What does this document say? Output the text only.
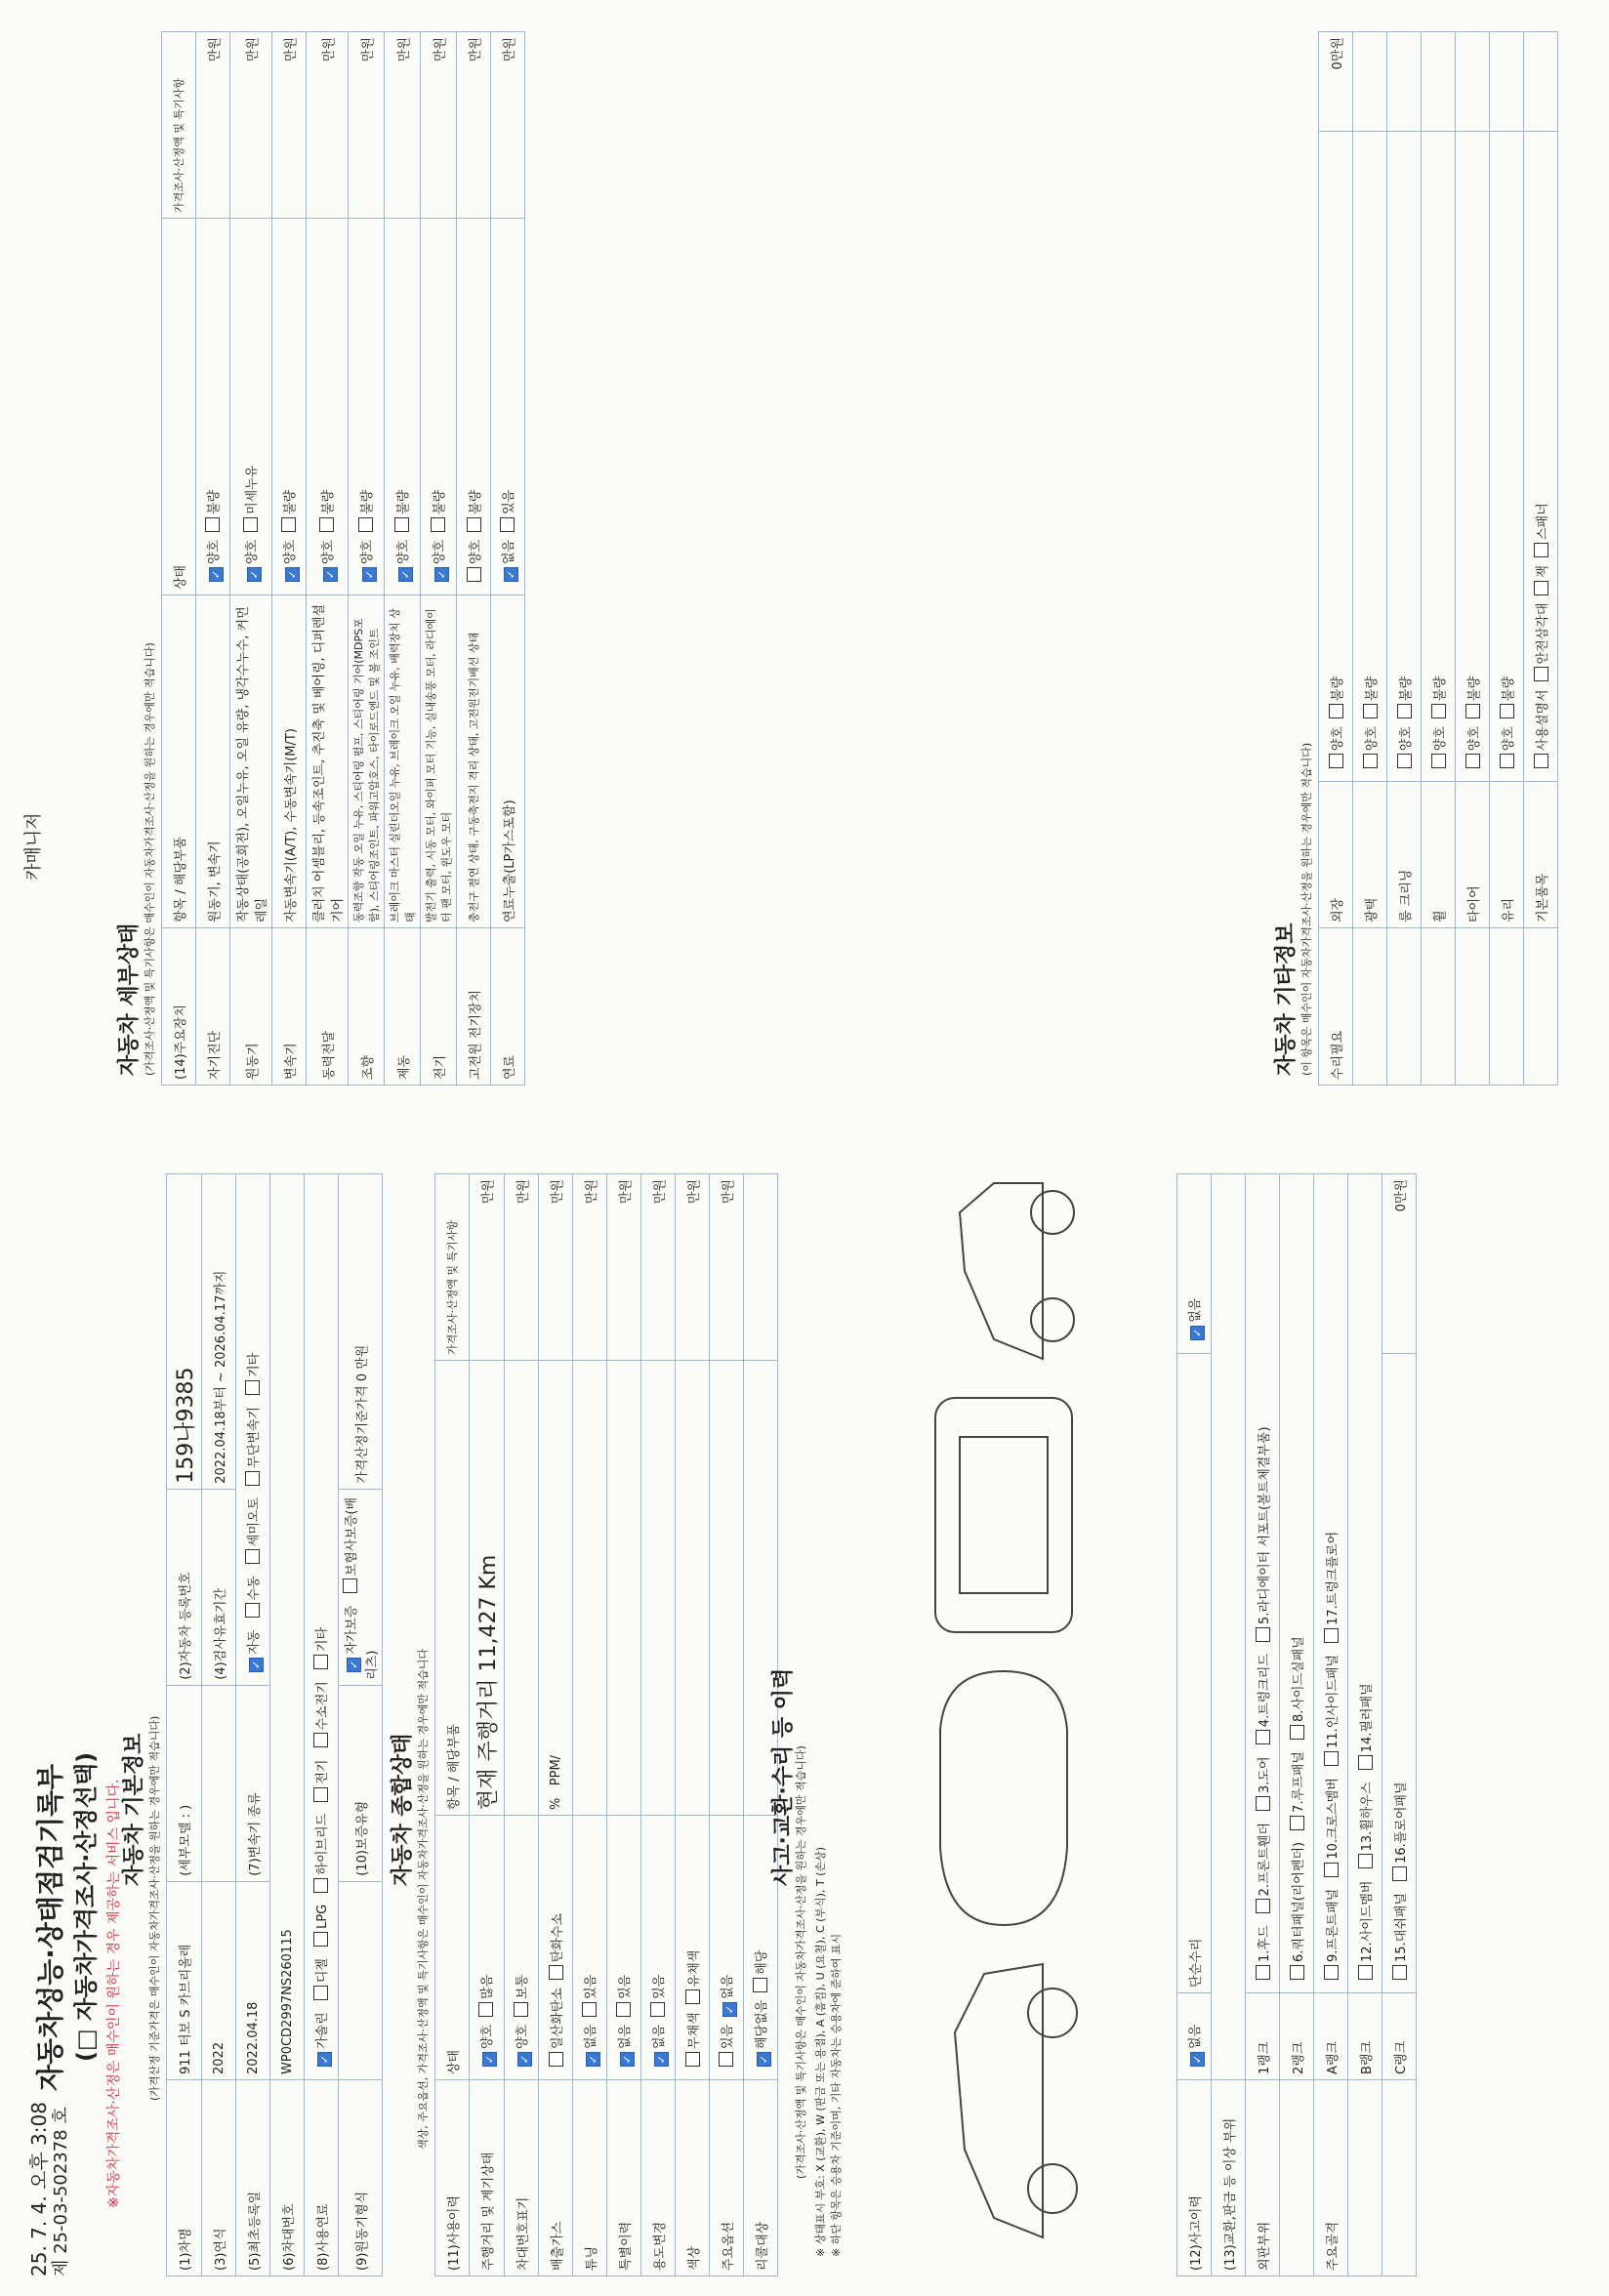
25. 7. 4. 오후 3:08 제 25-03-502378 호
자동차성능·상태점검기록부 (□ 자동차가격조사·산정선택) ※자동차가격조사·산정은 매수인이 원하는 경우 제공하는 서비스 입니다.
카매니저
자동차 기본정보 (가격산정 기준가격은 매수인이 자동차가격조사·산정을 원하는 경우에만 적습니다)
(1)차명	911 터보 S 카브리올레	(세부모델 : )	(2)자동차 등록번호	159나9385
(3)연식	2022		(4)검사유효기간	2022.04.18부터 ~ 2026.04.17까지
(5)최초등록일	2022.04.18	(7)변속기 종류	✓자동 수동 세미오토 무단변속기 기타	
(6)차대번호	WP0CD2997NS260115			
(8)사용연료	✓가솔린 디젤 LPG 하이브리드 전기 수소전기 기타			
(9)원동기형식		(10)보증유형	✓자가보증 보험사보증(배리츠)	가격산정기준가격 0 만원
자동차 종합상태 색상, 주요옵션, 가격조사·산정액 및 특기사항은 매수인이 자동차가격조사·산정을 원하는 경우에만 적습니다
(11)사용이력	상태	항목 / 해당부품	가격조사·산정액 및 특기사항
주행거리 및 계기상태	✓양호많음	현재 주행거리 11,427 Km	만원
차대번호표기	✓양호보통		만원
배출가스	일산화탄소탄화수소	%   PPM/	만원
튜닝	✓없음있음		만원
특별이력	✓없음있음		만원
용도변경	✓없음있음		만원
색상	무채색유채색		만원
주요옵션	있음✓없음		만원
리콜대상	✓해당없음해당		
사고·교환·수리 등 이력 (가격조사·산정액 및 특기사항은 매수인이 자동차가격조사·산정을 원하는 경우에만 적습니다) ※ 상태표시 부호: X (교환), W (판금 또는 용접), A (흠집), U (요철), C (부식), T (손상) ※ 하단 항목은 승용차 기준이며, 기타 자동차는 승용차에 준하여 표시	(12)사고이력	✓없음	단순수리	✓없음
(13)교환,판금 등 이상 부위			
외판부위	1랭크	1.후드 2.프론트휀더 3.도어 4.트렁크리드 5.라디에이터 서포트(볼트체결부품)	
	2랭크	6.쿼터패널(리어펜더) 7.루프패널 8.사이드실패널	
주요골격	A랭크	9.프론트패널 10.크로스멤버 11.인사이드패널 17.트렁크플로어	
	B랭크	12.사이드멤버 13.휠하우스 14.필러패널	
	C랭크	15.대쉬패널 16.플로어패널	0만원
자동차 세부상태 (가격조사·산정액 및 특기사항은 매수인이 자동차가격조사·산정을 원하는 경우에만 적습니다) (14)주요장치	항목 / 해당부품	상태	가격조사·산정액 및 특기사항
자기진단	원동기, 변속기	✓양호불량	만원
원동기	작동상태(공회전), 오일누유, 오일 유량, 냉각수누수, 커먼레일	✓양호미세누유	만원
변속기	자동변속기(A/T), 수동변속기(M/T)	✓양호불량	만원
동력전달	클러치 어셈블리, 등속조인트, 추진축 및 베어링, 디퍼렌셜 기어	✓양호불량	만원
조향	동력조향 작동 오일 누유, 스티어링 펌프, 스티어링 기어(MDPS포함), 스티어링조인트, 파워고압호스, 타이로드엔드 및 볼 조인트	✓양호불량	만원
제동	브레이크 마스터 실린더오일 누유, 브레이크 오일 누유, 배력장치 상태	✓양호불량	만원
전기	발전기 출력, 시동 모터, 와이퍼 모터 기능, 실내송풍 모터, 라디에이터 팬 모터, 윈도우 모터	✓양호불량	만원
고전원 전기장치	충전구 절연 상태, 구동축전지 격리 상태, 고전원전기배선 상태	양호불량	만원
연료	연료누출(LP가스포함)	✓없음있음	만원
자동차 기타정보 (이 항목은 매수인이 자동차가격조사·산정을 원하는 경우에만 적습니다) 수리필요	외장	양호불량	0만원
	광택	양호불량	
	룸 크리닝	양호불량	
	휠	양호불량	
	타이어	양호불량	
	유리	양호불량	
	기본품목	사용설명서안전삼각대잭스패너	
